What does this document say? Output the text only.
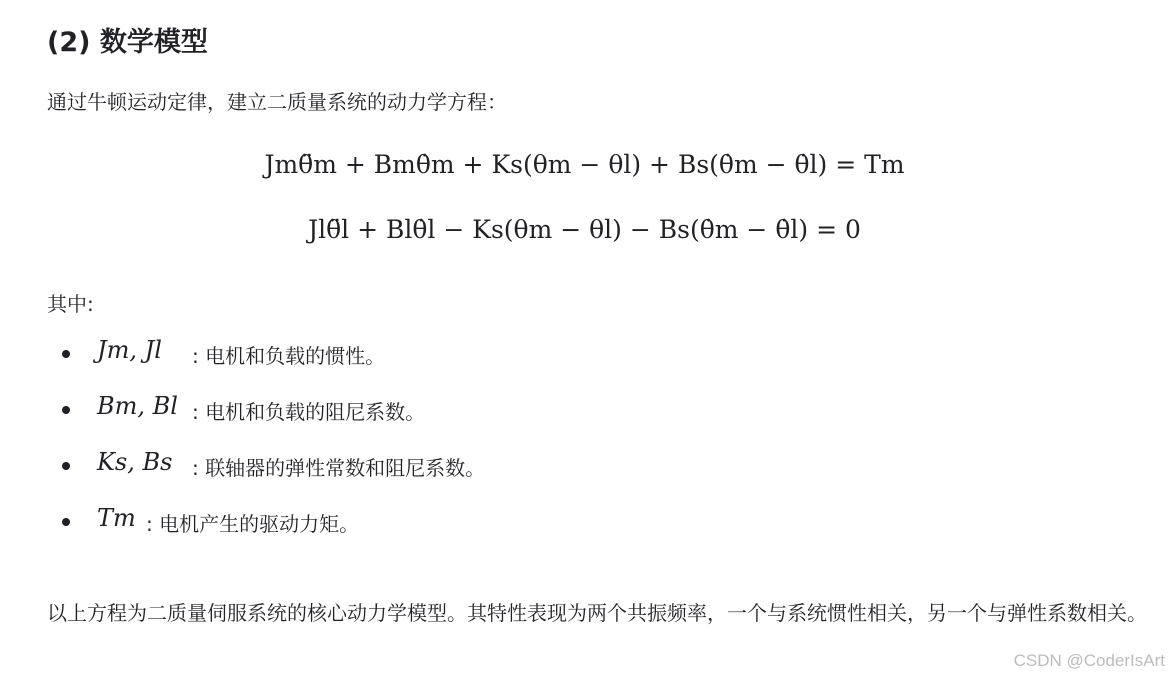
(2) 数学模型
通过牛顿运动定律，建立二质量系统的动力学方程：
Jmθ̈m + Bmθ̇m + Ks(θm − θl) + Bs(θ̇m − θ̇l) = Tm
Jlθ̈l + Blθ̇l − Ks(θm − θl) − Bs(θ̇m − θ̇l) = 0
其中:
Jm, Jl : 电机和负载的惯性。
Bm, Bl : 电机和负载的阻尼系数。
Ks, Bs : 联轴器的弹性常数和阻尼系数。
Tm : 电机产生的驱动力矩。
以上方程为二质量伺服系统的核心动力学模型。其特性表现为两个共振频率，一个与系统惯性相关，另一个与弹性系数相关。
CSDN @CoderIsArt
